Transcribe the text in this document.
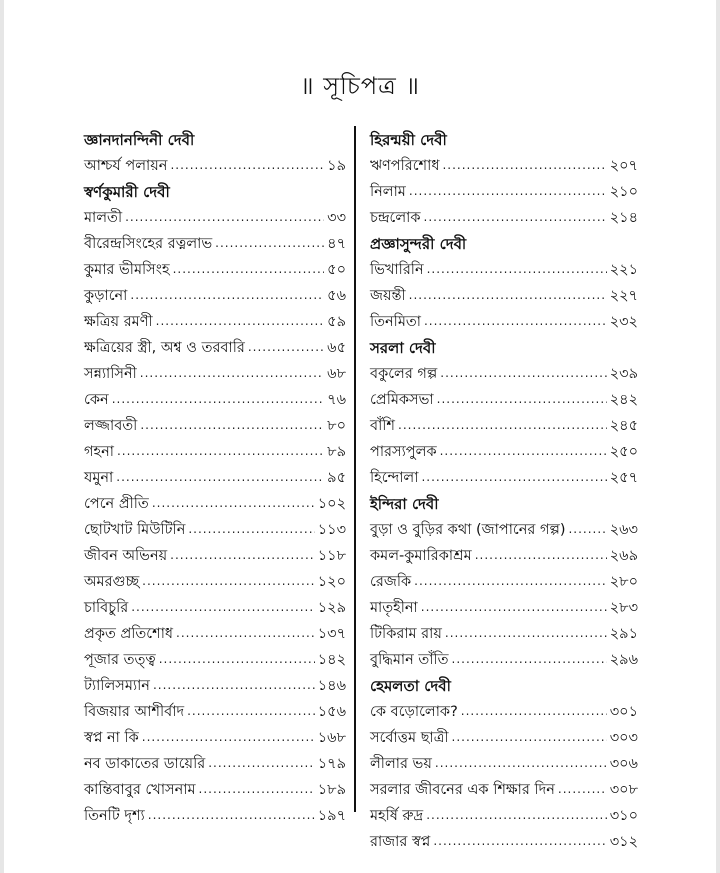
॥ সূচিপত্র ॥
জ্ঞানদানন্দিনী দেবী
আশ্চর্য পলায়ন .....	১৯
স্বর্ণকুমারী দেবী
মালতী .....	৩৩
বীরেন্দ্রসিংহের রত্নলাভ .....	৪৭
কুমার ভীমসিংহ .....	৫০
কুড়ানো .....	৫৬
ক্ষত্রিয় রমণী .....	৫৯
ক্ষত্রিয়ের স্ত্রী, অশ্ব ও তরবারি .....	৬৫
সন্ন্যাসিনী .....	৬৮
কেন .....	৭৬
লজ্জাবতী .....	৮০
গহনা .....	৮৯
যমুনা .....	৯৫
পেনে প্রীতি .....	১০২
ছোটখাট মিউটিনি .....	১১৩
জীবন অভিনয় .....	১১৮
অমরগুচ্ছ .....	১২০
চাবিচুরি .....	১২৯
প্রকৃত প্রতিশোধ .....	১৩৭
পূজার তত্ত্ব .....	১৪২
ট্যালিসম্যান .....	১৪৬
বিজয়ার আশীর্বাদ .....	১৫৬
স্বপ্ন না কি .....	১৬৮
নব ডাকাতের ডায়েরি .....	১৭৯
কান্তিবাবুর খোসনাম .....	১৮৯
তিনটি দৃশ্য .....	১৯৭
হিরন্ময়ী দেবী
ঋণপরিশোধ .....	২০৭
নিলাম .....	২১০
চন্দ্রলোক .....	২১৪
প্রজ্ঞাসুন্দরী দেবী
ভিখারিনি .....	২২১
জয়ন্তী .....	২২৭
তিনমিতা .....	২৩২
সরলা দেবী
বকুলের গল্প .....	২৩৯
প্রেমিকসভা .....	২৪২
বাঁশি .....	২৪৫
পারস্যপুলক .....	২৫০
হিন্দোলা .....	২৫৭
ইন্দিরা দেবী
বুড়া ও বুড়ির কথা (জাপানের গল্প) .....	২৬৩
কমল-কুমারিকাশ্রম .....	২৬৯
রেজকি .....	২৮০
মাতৃহীনা .....	২৮৩
টিকিরাম রায় .....	২৯১
বুদ্ধিমান তাঁতি .....	২৯৬
হেমলতা দেবী
কে বড়োলোক? .....	৩০১
সর্বোত্তম ছাত্রী .....	৩০৩
লীলার ভয় .....	৩০৬
সরলার জীবনের এক শিক্ষার দিন .....	৩০৮
মহর্ষি রুদ্র .....	৩১০
রাজার স্বপ্ন .....	৩১২
